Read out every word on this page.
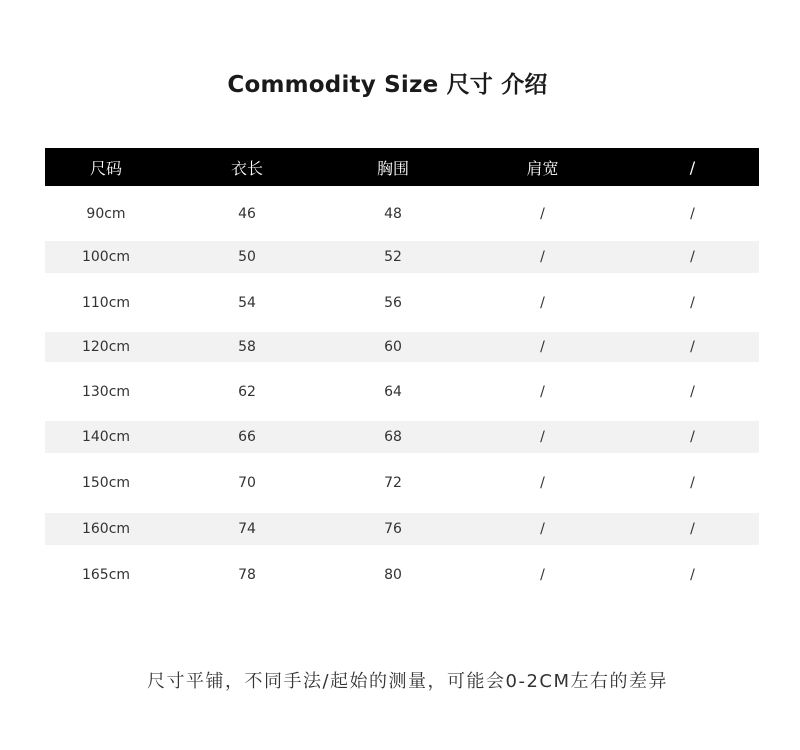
Commodity Size 尺寸 介绍
尺码	衣长	胸围	肩宽	/
90cm	46	48	/	/
100cm	50	52	/	/
110cm	54	56	/	/
120cm	58	60	/	/
130cm	62	64	/	/
140cm	66	68	/	/
150cm	70	72	/	/
160cm	74	76	/	/
165cm	78	80	/	/
尺寸平铺，不同手法/起始的测量，可能会0-2CM左右的差异
